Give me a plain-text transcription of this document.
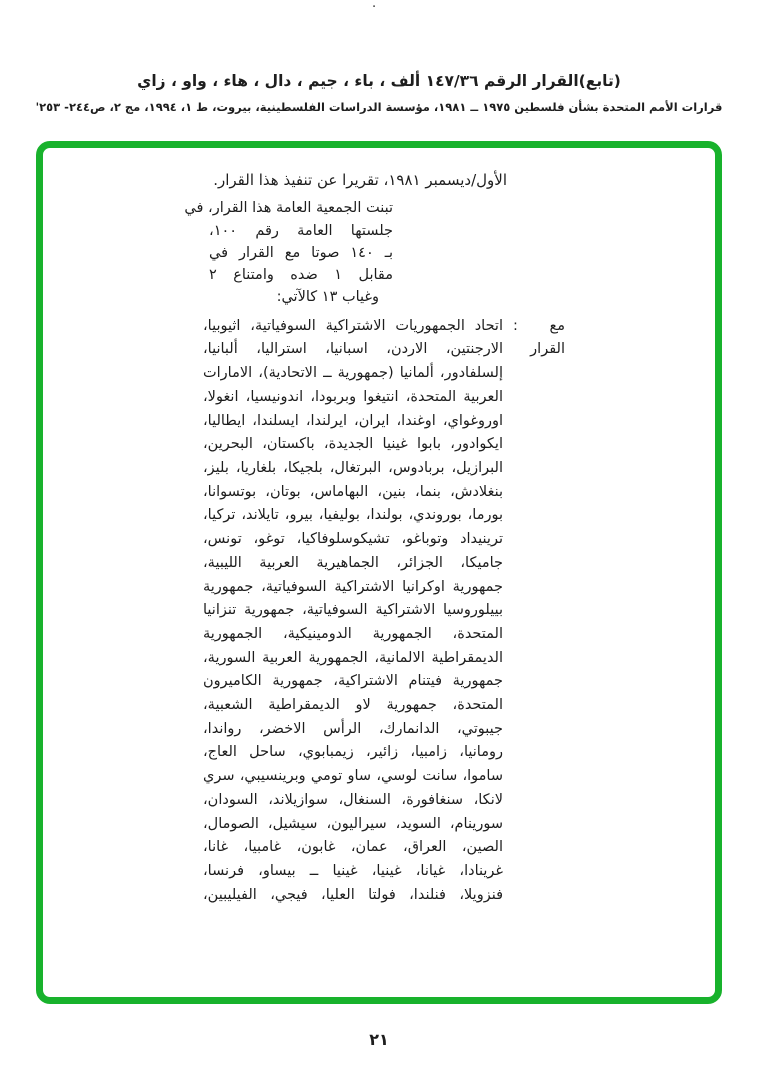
·
(تابع)القرار الرقم ١٤٧/٣٦ ألف ، باء ، جيم ، دال ، هاء ، واو ، زاي
قرارات الأمم المتحدة بشأن فلسطين ١٩٧٥ ــ ١٩٨١، مؤسسة الدراسات الفلسطينية، بيروت، ط ١، ١٩٩٤، مج ٢، ص٢٤٤- ٢٥٣'

الأول/ديسمبر ١٩٨١، تقريرا عن تنفيذ هذا القرار.

تبنت الجمعية العامة هذا القرار، في
جلستها العامة رقم ١٠٠،
بـ ١٤٠ صوتا مع القرار في
مقابل ١ ضده وامتناع ٢
وغياب ١٣ كالآتي:
مع القرار
:
اتحاد الجمهوريات الاشتراكية السوفياتية، اثيوبيا،
الارجنتين، الاردن، اسبانيا، استراليا، ألبانيا،
إلسلفادور، ألمانيا (جمهورية ــ الاتحادية)، الامارات
العربية المتحدة، انتيغوا وبربودا، اندونيسيا، انغولا،
اوروغواي، اوغندا، ايران، ايرلندا، ايسلندا، ايطاليا،
ايكوادور، بابوا غينيا الجديدة، باكستان، البحرين،
البرازيل، بربادوس، البرتغال، بلجيكا، بلغاريا، بليز،
بنغلادش، بنما، بنين، البهاماس، بوتان، بوتسوانا،
بورما، بوروندي، بولندا، بوليفيا، بيرو، تايلاند، تركيا،
ترينيداد وتوباغو، تشيكوسلوفاكيا، توغو، تونس،
جاميكا، الجزائر، الجماهيرية العربية الليبية،
جمهورية اوكرانيا الاشتراكية السوفياتية، جمهورية
بييلوروسيا الاشتراكية السوفياتية، جمهورية تنزانيا
المتحدة، الجمهورية الدومينيكية، الجمهورية
الديمقراطية الالمانية، الجمهورية العربية السورية،
جمهورية فيتنام الاشتراكية، جمهورية الكاميرون
المتحدة، جمهورية لاو الديمقراطية الشعبية،
جيبوتي، الدانمارك، الرأس الاخضر، رواندا،
رومانيا، زامبيا، زائير، زيمبابوي، ساحل العاج،
ساموا، سانت لوسي، ساو تومي وبرينسيبي، سري
لانكا، سنغافورة، السنغال، سوازيلاند، السودان،
سورينام، السويد، سيراليون، سيشيل، الصومال،
الصين، العراق، عمان، غابون، غامبيا، غانا،
غرينادا، غيانا، غينيا، غينيا ــ بيساو، فرنسا،
فنزويلا، فنلندا، فولتا العليا، فيجي، الفيليبين،
٢١
